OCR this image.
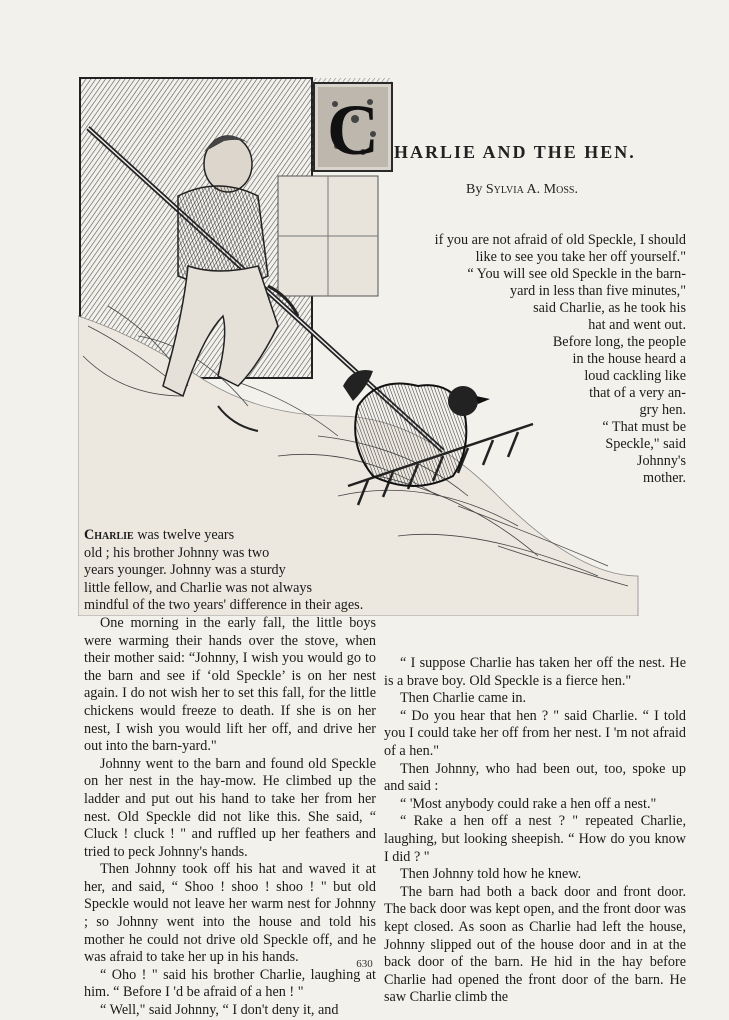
C HARLIE AND THE HEN.
By Sylvia A. Moss.
if you are not afraid of old Speckle, I should
like to see you take her off yourself."
“ You will see old Speckle in the barn-
yard in less than five minutes,"
said Charlie, as he took his
hat and went out.
Before long, the people
in the house heard a
loud cackling like
that of a very an-
gry hen.
“ That must be
Speckle," said
Johnny's
mother.
Charlie was twelve years
old ; his brother Johnny was two
years younger. Johnny was a sturdy
little fellow, and Charlie was not always
mindful of the two years' difference in their ages.

One morning in the early fall, the little boys were warming their hands over the stove, when their mother said: “Johnny, I wish you would go to the barn and see if ‘old Speckle’ is on her nest again. I do not wish her to set this fall, for the little chickens would freeze to death. If she is on her nest, I wish you would lift her off, and drive her out into the barn-yard."

Johnny went to the barn and found old Speckle on her nest in the hay-mow. He climbed up the ladder and put out his hand to take her from her nest. Old Speckle did not like this. She said, “ Cluck ! cluck ! " and ruffled up her feathers and tried to peck Johnny's hands.

Then Johnny took off his hat and waved it at her, and said, “ Shoo ! shoo ! shoo ! " but old Speckle would not leave her warm nest for Johnny ; so Johnny went into the house and told his mother he could not drive old Speckle off, and he was afraid to take her up in his hands.

“ Oho ! " said his brother Charlie, laughing at him. “ Before I 'd be afraid of a hen ! "

“ Well," said Johnny, “ I don't deny it, and

“ I suppose Charlie has taken her off the nest. He is a brave boy. Old Speckle is a fierce hen."

Then Charlie came in.

“ Do you hear that hen ? " said Charlie. “ I told you I could take her off from her nest. I 'm not afraid of a hen."

Then Johnny, who had been out, too, spoke up and said :

“ 'Most anybody could rake a hen off a nest."

“ Rake a hen off a nest ? " repeated Charlie, laughing, but looking sheepish. “ How do you know I did ? "

Then Johnny told how he knew.

The barn had both a back door and front door. The back door was kept open, and the front door was kept closed. As soon as Charlie had left the house, Johnny slipped out of the house door and in at the back door of the barn. He hid in the hay before Charlie had opened the front door of the barn. He saw Charlie climb the

630
